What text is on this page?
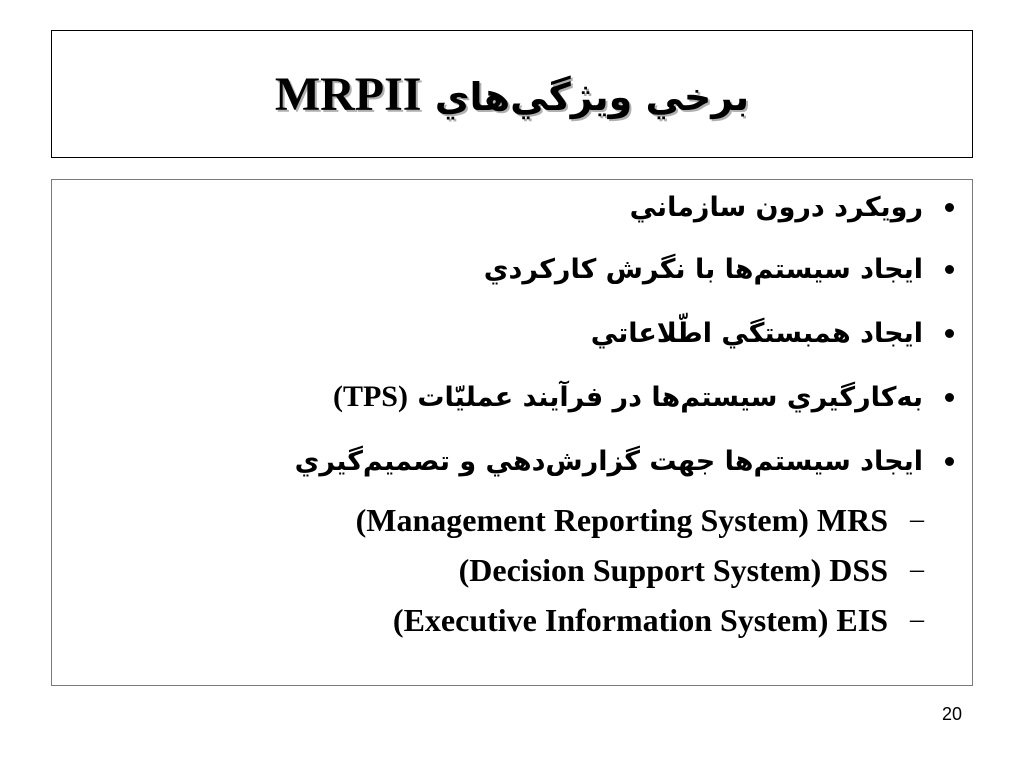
برخي ويژگي‌هاي MRPII
رويكرد درون سازماني
ايجاد سيستم‌ها با نگرش كاركردي
ايجاد همبستگي اطّلاعاتي
به‌كارگيري سيستم‌ها در فرآيند عمليّات (TPS)
ايجاد سيستم‌ها جهت گزارش‌دهي و تصميم‌گيري
(Management Reporting System) MRS –
(Decision Support System) DSS –
(Executive Information System) EIS –
20
